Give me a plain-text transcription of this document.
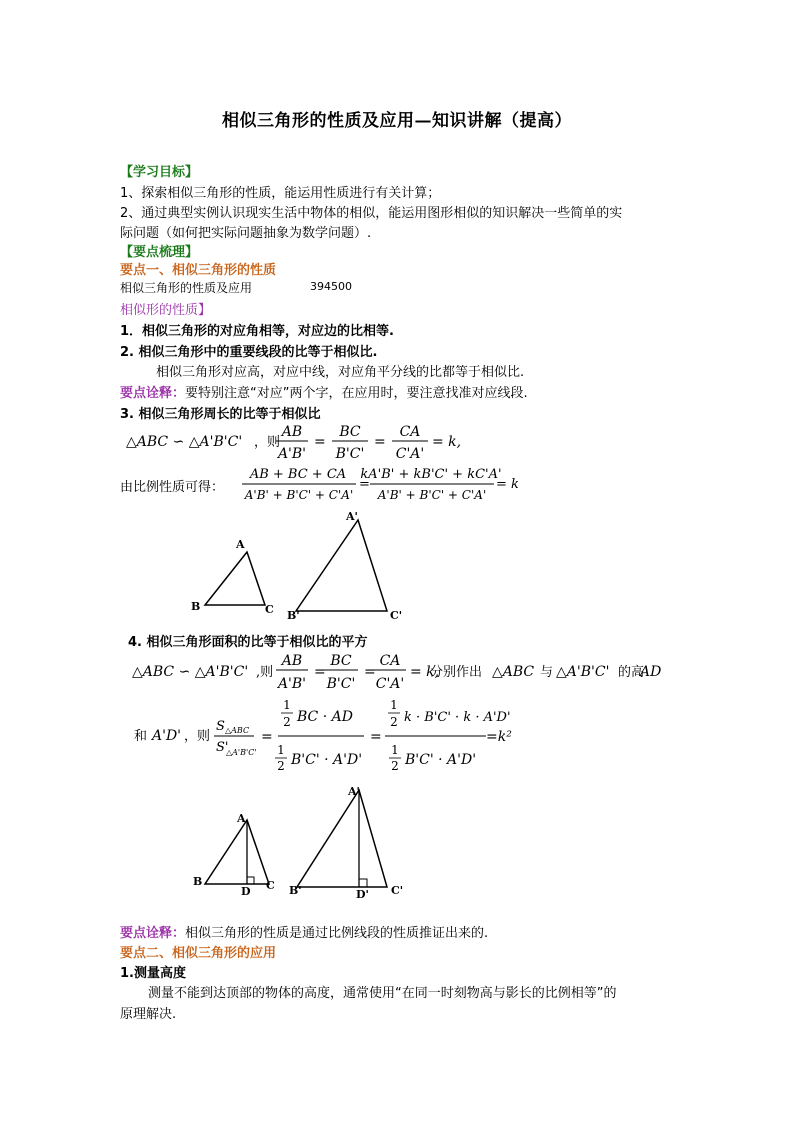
相似三角形的性质及应用—知识讲解（提高）
【学习目标】
1、探索相似三角形的性质，能运用性质进行有关计算；
2、通过典型实例认识现实生活中物体的相似，能运用图形相似的知识解决一些简单的实
际问题（如何把实际问题抽象为数学问题）.
【要点梳理】
要点一、相似三角形的性质
相似三角形的性质及应用	394500
相似形的性质】
1．相似三角形的对应角相等，对应边的比相等.
2. 相似三角形中的重要线段的比等于相似比.
相似三角形对应高，对应中线，对应角平分线的比都等于相似比.
要点诠释：要特别注意“对应”两个字，在应用时，要注意找准对应线段.
3. 相似三角形周长的比等于相似比
△ABC ∽ △A'B'C' ，则
AB
A'B'
=
BC
B'C'
=
CA
C'A'
= k,
由比例性质可得：
AB + BC + CA
A'B' + B'C' + C'A'
=
kA'B' + kB'C' + kC'A'
A'B' + B'C' + C'A'
= k
A
B	C
A'
B'	C'
4. 相似三角形面积的比等于相似比的平方
△ABC ∽ △A'B'C' ,则
AB
A'B'
=
BC
B'C'
=
CA
C'A'
= k,
分别作出 △ABC 与 △A'B'C' 的高
AD
和 A'D' ，则
S △ABC
S'
△A'B'C'
=
1
2 BC · AD
1
2 B'C' · A'D'
=
1
2 k · B'C' · k · A'D'
1
2 B'C' · A'D'
=k²
A
B
D C
A'
B'	D' C'
要点诠释：相似三角形的性质是通过比例线段的性质推证出来的.
要点二、相似三角形的应用
1.测量高度
测量不能到达顶部的物体的高度，通常使用“在同一时刻物高与影长的比例相等”的
原理解决.
